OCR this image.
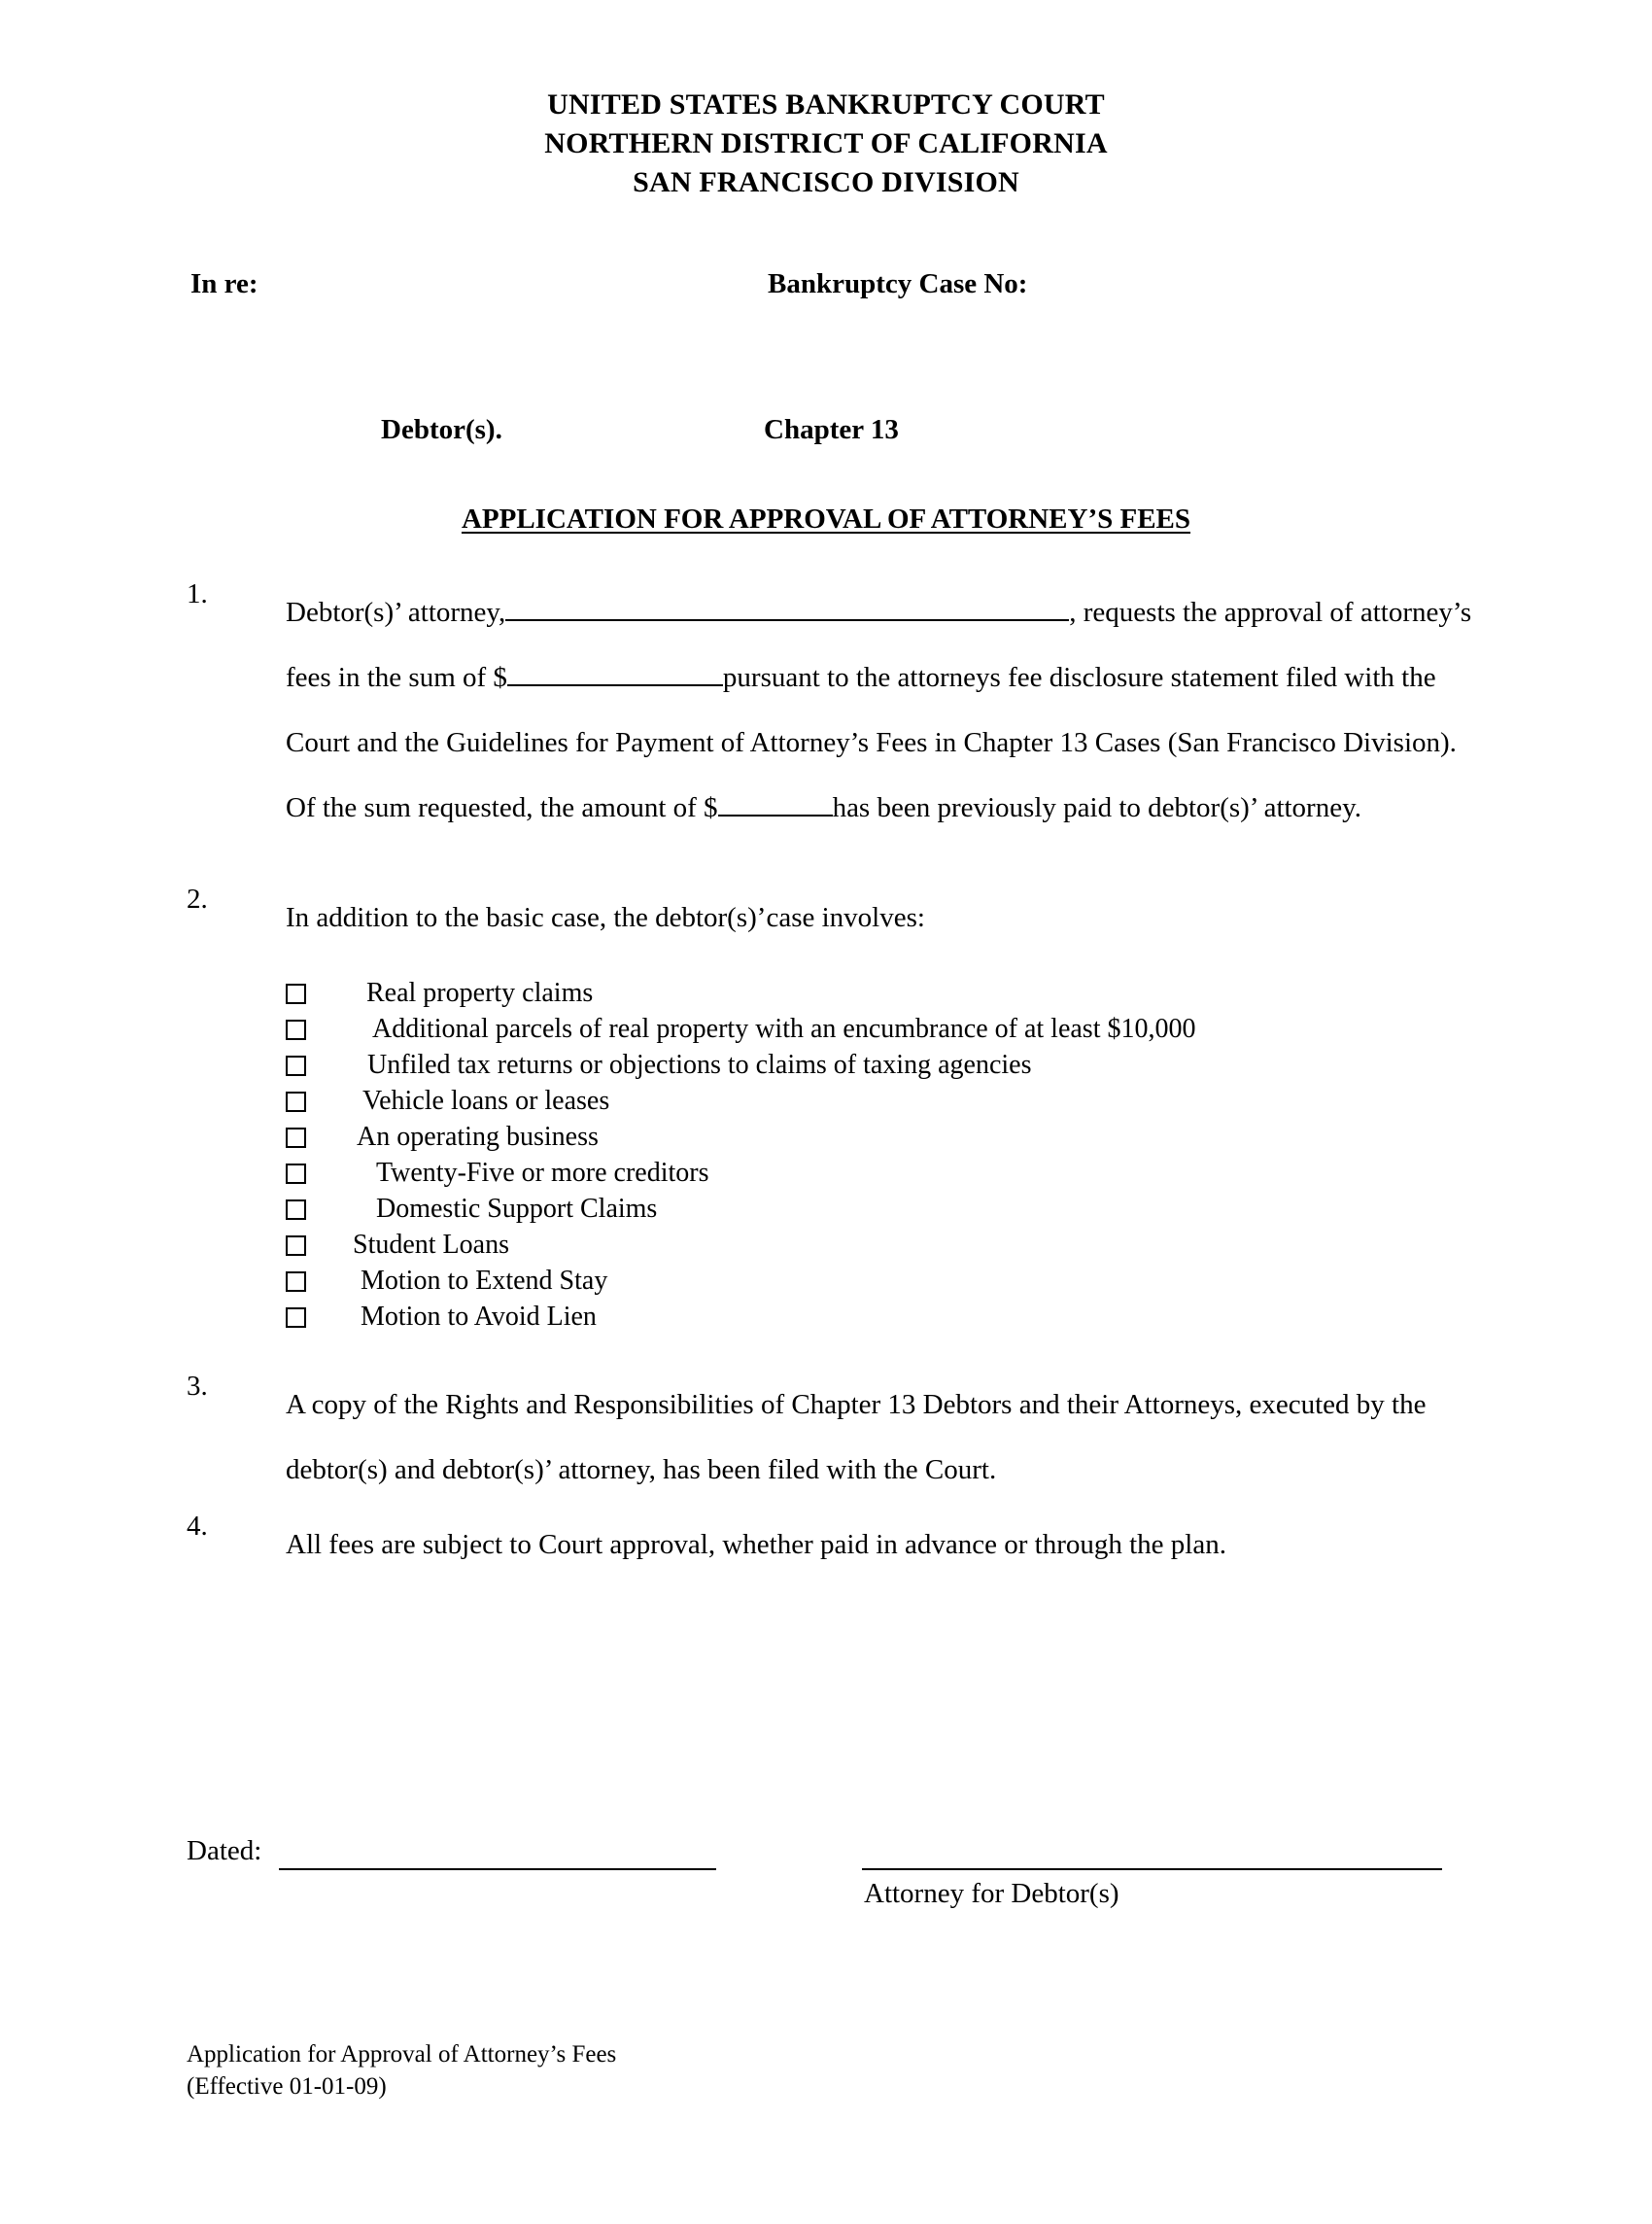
UNITED STATES BANKRUPTCY COURT
NORTHERN DISTRICT OF CALIFORNIA
SAN FRANCISCO DIVISION
In re:	Bankruptcy Case No:
Debtor(s).	Chapter 13
APPLICATION FOR APPROVAL OF ATTORNEY’S FEES
1.
Debtor(s)’ attorney,	, requests the approval of attorney’s fees in the sum of $	pursuant to the attorneys fee disclosure statement filed with the Court and the Guidelines for Payment of Attorney’s Fees in Chapter 13 Cases (San Francisco Division). Of the sum requested, the amount of $	has been previously paid to debtor(s)’ attorney.
2.
In addition to the basic case, the debtor(s)’case involves:
Real property claims
Additional parcels of real property with an encumbrance of at least $10,000
Unfiled tax returns or objections to claims of taxing agencies
Vehicle loans or leases
An operating business
Twenty-Five or more creditors
Domestic Support Claims
Student Loans
Motion to Extend Stay
Motion to Avoid Lien
3.
A copy of the Rights and Responsibilities of Chapter 13 Debtors and their Attorneys, executed by the debtor(s) and debtor(s)’ attorney, has been filed with the Court.
4.
All fees are subject to Court approval, whether paid in advance or through the plan.
Dated:
Attorney for Debtor(s)
Application for Approval of Attorney’s Fees
(Effective 01-01-09)
